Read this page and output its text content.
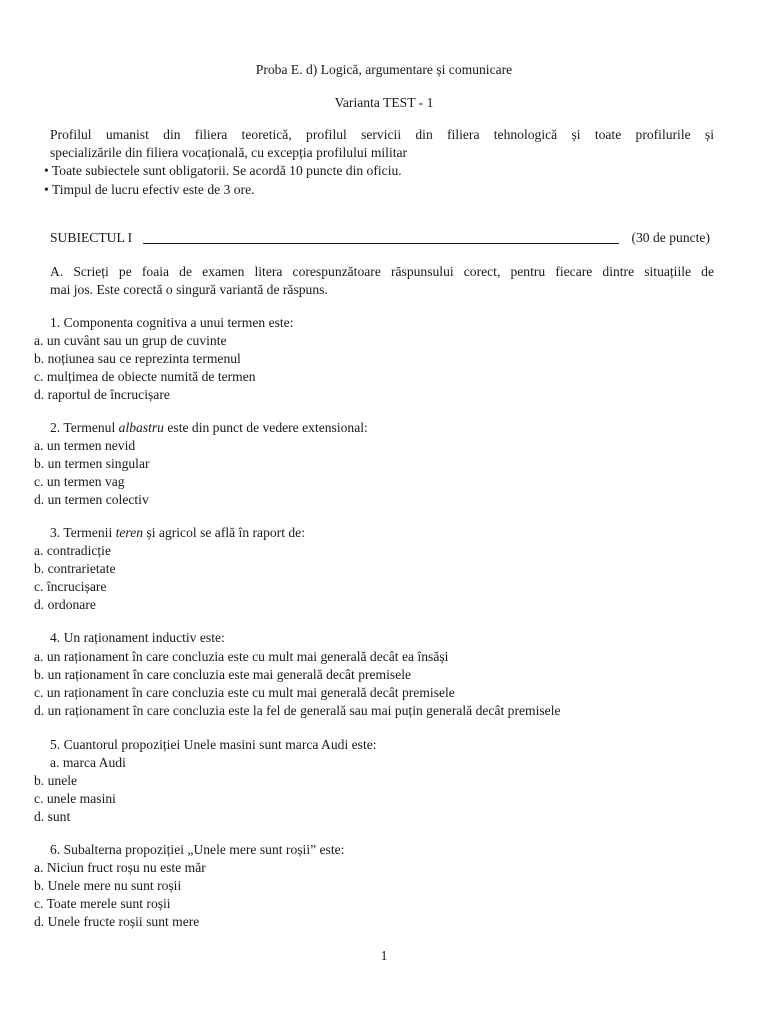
Proba E. d) Logică, argumentare și comunicare
Varianta TEST - 1
Profilul umanist din filiera teoretică, profilul servicii din filiera tehnologică și toate profilurile și
specializările din filiera vocațională, cu excepția profilului militar
• Toate subiectele sunt obligatorii. Se acordă 10 puncte din oficiu.
• Timpul de lucru efectiv este de 3 ore.
SUBIECTUL I	(30 de puncte)
A. Scrieți pe foaia de examen litera corespunzătoare răspunsului corect, pentru fiecare dintre situațiile de
mai jos. Este corectă o singură variantă de răspuns.
1. Componenta cognitiva a unui termen este:
a. un cuvânt sau un grup de cuvinte
b. noțiunea sau ce reprezinta termenul
c. mulțimea de obiecte numită de termen
d. raportul de încrucișare
2. Termenul albastru este din punct de vedere extensional:
a. un termen nevid
b. un termen singular
c. un termen vag
d. un termen colectiv
3. Termenii teren și agricol se află în raport de:
a. contradicție
b. contrarietate
c. încrucișare
d. ordonare
4. Un raționament inductiv este:
a. un raționament în care concluzia este cu mult mai generală decât ea însăși
b. un raționament în care concluzia este mai generală decât premisele
c. un raționament în care concluzia este cu mult mai generală decât premisele
d. un raționament în care concluzia este la fel de generală sau mai puțin generală decât premisele
5. Cuantorul propoziției Unele masini sunt marca Audi este:
a. marca Audi
b. unele
c. unele masini
d. sunt
6. Subalterna propoziției „Unele mere sunt roșii” este:
a. Niciun fruct roșu nu este măr
b. Unele mere nu sunt roșii
c. Toate merele sunt roșii
d. Unele fructe roșii sunt mere
1
